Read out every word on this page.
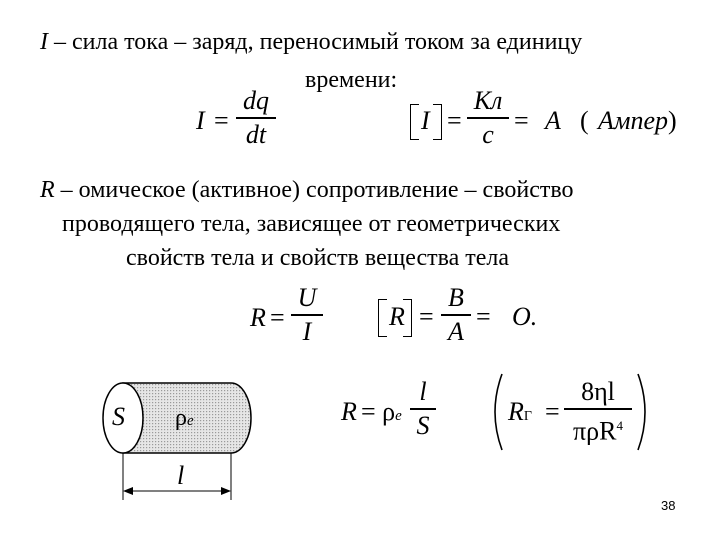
I – сила тока – заряд, переносимый током за единицу
времени:
I =
dq
dt	I =
Кл
c = A ( Ампер )
R – омическое (активное) сопротивление – свойство
проводящего тела, зависящее от геометрических
свойств тела и свойств вещества тела
R =
U
I	R =
B
A = O.
S ρe
l
R = ρe
l
S	RГ =
8ηl
πρR$^4$
38
